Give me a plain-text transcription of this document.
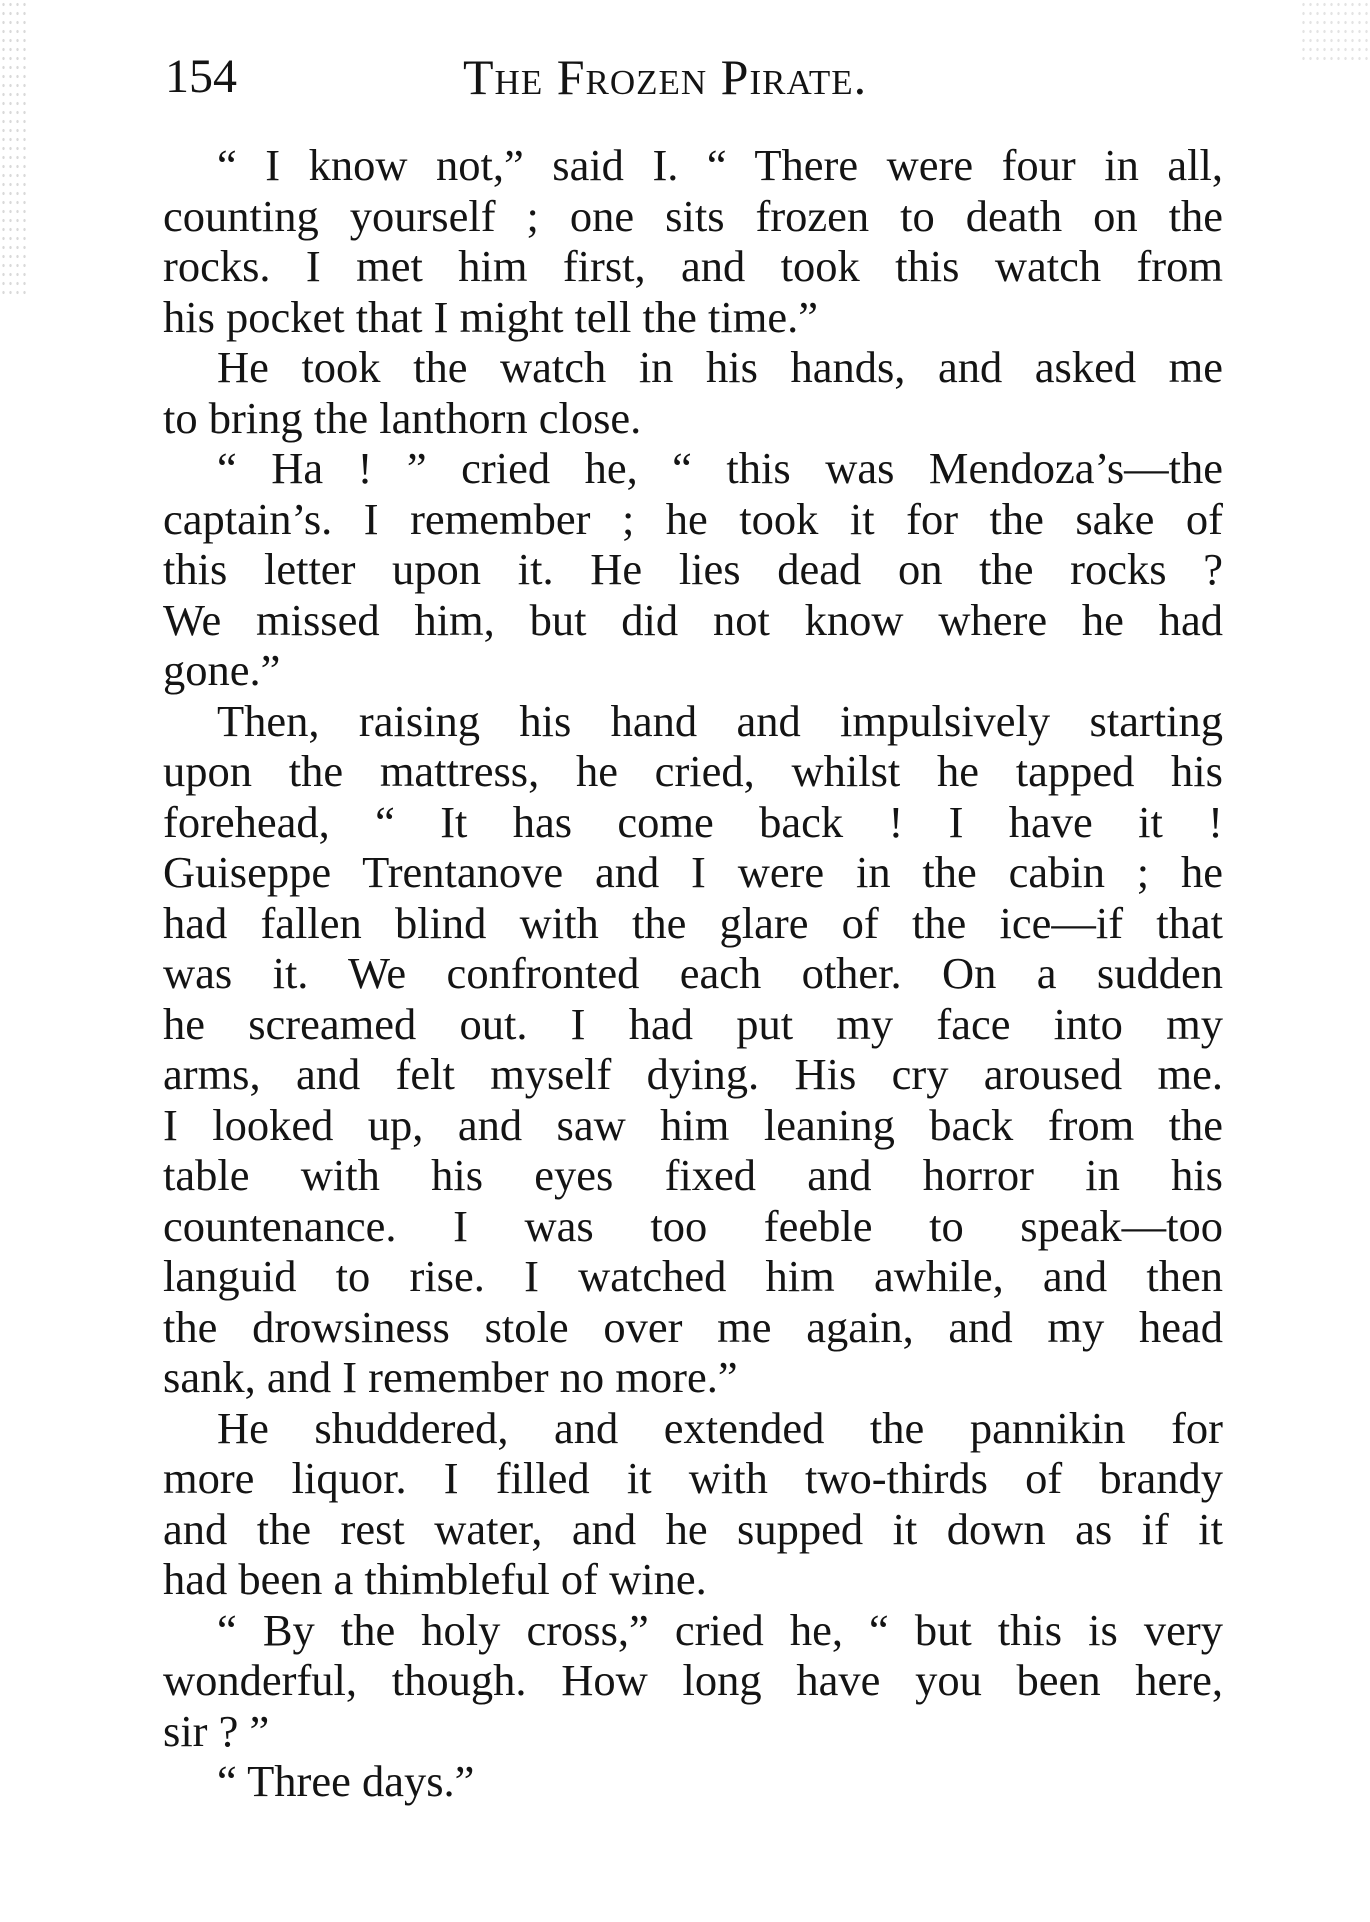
154	The Frozen Pirate.
“ I know not,” said I. “ There were four in all,
counting yourself ; one sits frozen to death on the
rocks. I met him first, and took this watch from
his pocket that I might tell the time.”
He took the watch in his hands, and asked me
to bring the lanthorn close.
“ Ha ! ” cried he, “ this was Mendoza’s—the
captain’s. I remember ; he took it for the sake of
this letter upon it. He lies dead on the rocks ?
We missed him, but did not know where he had
gone.”
Then, raising his hand and impulsively starting
upon the mattress, he cried, whilst he tapped his
forehead, “ It has come back ! I have it !
Guiseppe Trentanove and I were in the cabin ; he
had fallen blind with the glare of the ice—if that
was it. We confronted each other. On a sudden
he screamed out. I had put my face into my
arms, and felt myself dying. His cry aroused me.
I looked up, and saw him leaning back from the
table with his eyes fixed and horror in his
countenance. I was too feeble to speak—too
languid to rise. I watched him awhile, and then
the drowsiness stole over me again, and my head
sank, and I remember no more.”
He shuddered, and extended the pannikin for
more liquor. I filled it with two-thirds of brandy
and the rest water, and he supped it down as if it
had been a thimbleful of wine.
“ By the holy cross,” cried he, “ but this is very
wonderful, though. How long have you been here,
sir ? ”
“ Three days.”
